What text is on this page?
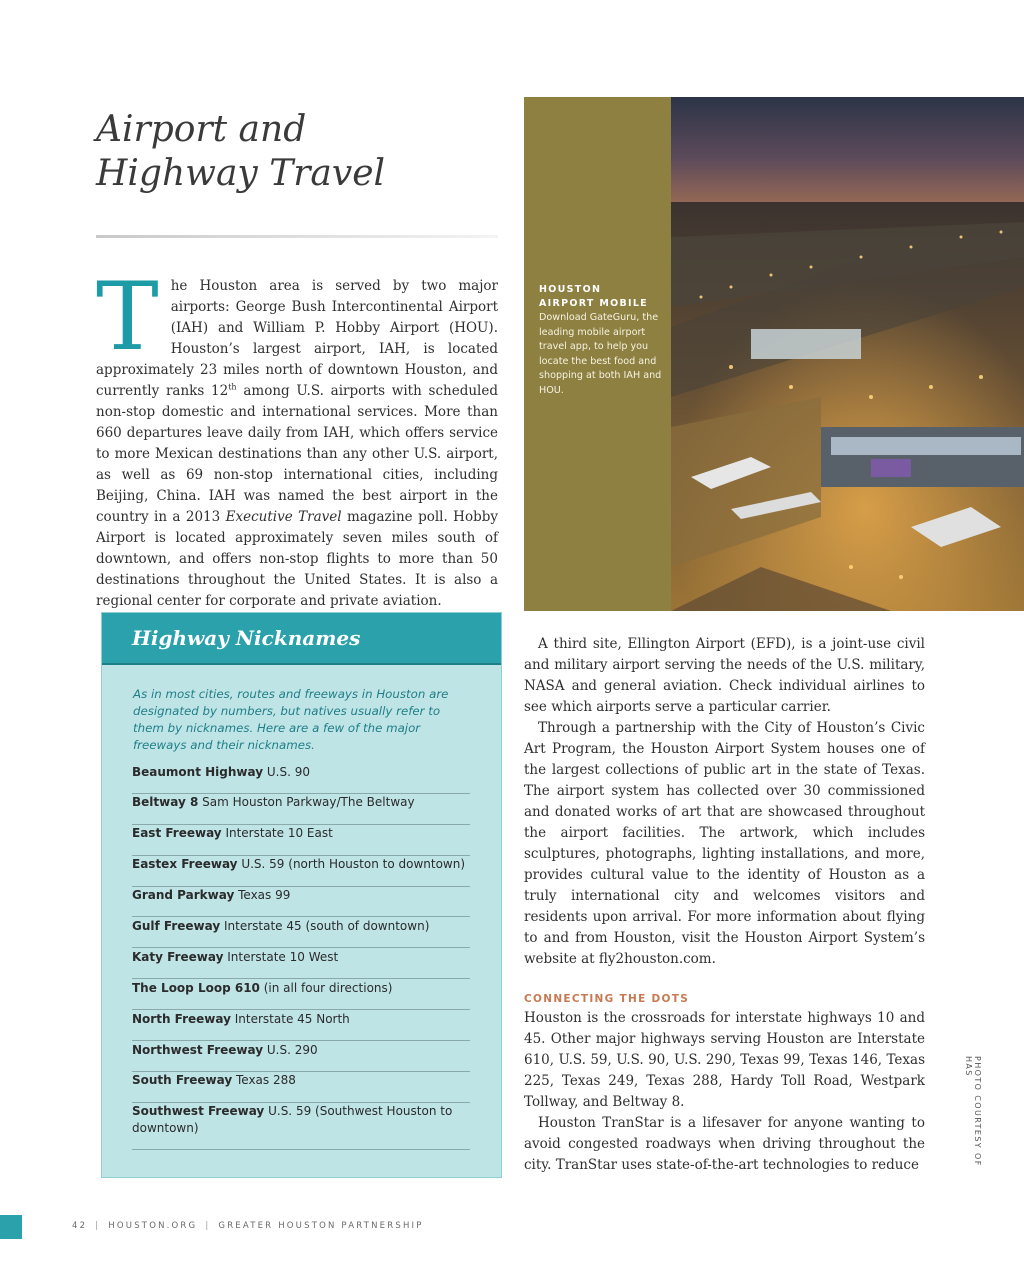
Airport and
Highway Travel

The Houston area is served by two major airports: George Bush Intercontinental Airport (IAH) and William P. Hobby Airport (HOU). Houston’s largest airport, IAH, is located approximately 23 miles north of downtown Houston, and currently ranks 12th among U.S. airports with scheduled non-stop domestic and international services. More than 660 departures leave daily from IAH, which offers service to more Mexican destinations than any other U.S. airport, as well as 69 non-stop international cities, including Beijing, China. IAH was named the best airport in the country in a 2013 Executive Travel magazine poll. Hobby Airport is located approximately seven miles south of downtown, and offers non-stop flights to more than 50 destinations throughout the United States. It is also a regional center for corporate and private aviation.

HOUSTON
AIRPORT MOBILE
Download GateGuru, the leading mobile airport travel app, to help you locate the best food and shopping at both IAH and HOU.
Highway Nicknames

As in most cities, routes and freeways in Houston are designated by numbers, but natives usually refer to them by nicknames. Here are a few of the major freeways and their nicknames.

Beaumont Highway U.S. 90
Beltway 8 Sam Houston Parkway/The Beltway
East Freeway Interstate 10 East
Eastex Freeway U.S. 59 (north Houston to downtown)
Grand Parkway Texas 99
Gulf Freeway Interstate 45 (south of downtown)
Katy Freeway Interstate 10 West
The Loop Loop 610 (in all four directions)
North Freeway Interstate 45 North
Northwest Freeway U.S. 290
South Freeway Texas 288
Southwest Freeway U.S. 59 (Southwest Houston to downtown)

A third site, Ellington Airport (EFD), is a joint-use civil and military airport serving the needs of the U.S. military, NASA and general aviation. Check individual airlines to see which airports serve a particular carrier.

Through a partnership with the City of Houston’s Civic Art Program, the Houston Airport System houses one of the largest collections of public art in the state of Texas. The airport system has collected over 30 commissioned and donated works of art that are showcased throughout the airport facilities. The artwork, which includes sculptures, photographs, lighting installations, and more, provides cultural value to the identity of Houston as a truly international city and welcomes visitors and residents upon arrival. For more information about flying to and from Houston, visit the Houston Airport System’s website at fly2houston.com.

CONNECTING THE DOTS

Houston is the crossroads for interstate highways 10 and 45. Other major highways serving Houston are Interstate 610, U.S. 59, U.S. 90, U.S. 290, Texas 99, Texas 146, Texas 225, Texas 249, Texas 288, Hardy Toll Road, Westpark Tollway, and Beltway 8.

Houston TranStar is a lifesaver for anyone wanting to avoid congested roadways when driving throughout the city. TranStar uses state-of-the-art technologies to reduce	PHOTO COURTESY OF HAS
42 | HOUSTON.ORG | GREATER HOUSTON PARTNERSHIP
